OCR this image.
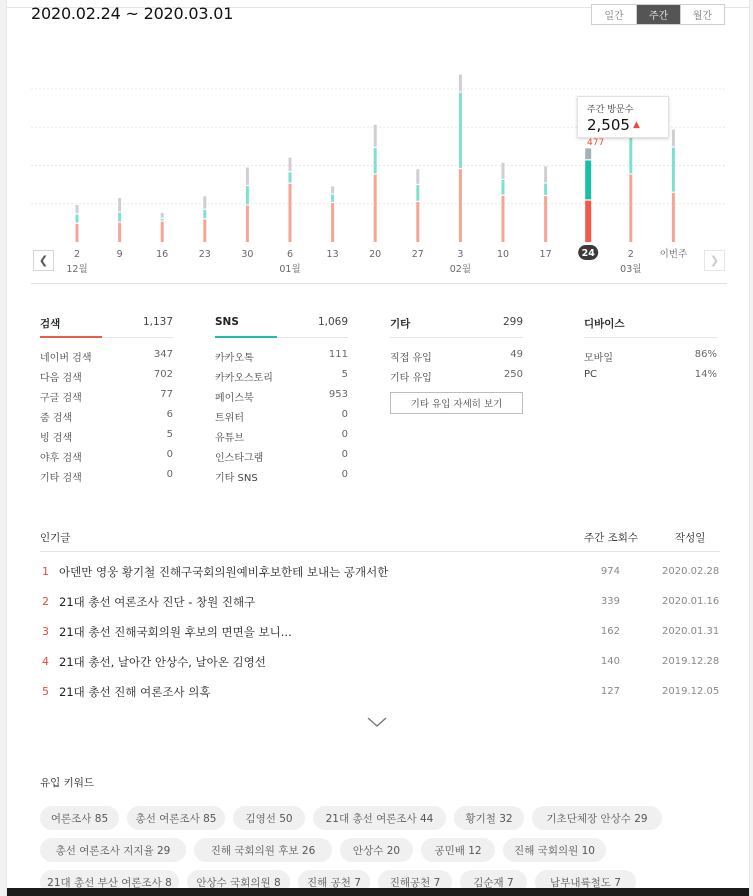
2020.02.24 ~ 2020.03.01	일간	주간	월간
2	9	16	23	30	6	13	20	27	3	10	17	24	2	이번주
12월	01월	02월	03월
❮	❯
주간 방문수
2,505 $^{▲ 477}$
검색	1,137
네이버 검색	347
다음 검색	702
구글 검색	77
줌 검색	6
빙 검색	5
야후 검색	0
기타 검색	0
SNS	1,069
카카오톡	111
카카오스토리	5
페이스북	953
트위터	0
유튜브	0
인스타그램	0
기타 SNS	0
기타	299
직접 유입	49
기타 유입	250
기타 유입 자세히 보기
디바이스
모바일	86%
PC	14%
인기글	주간 조회수	작성일
1 아덴만 영웅 황기철 진해구국회의원예비후보한테 보내는 공개서한	974	2020.02.28
2 21대 총선 여론조사 진단 - 창원 진해구	339	2020.01.16
3 21대 총선 진해국회의원 후보의 면면을 보니...	162	2020.01.31
4 21대 총선, 날아간 안상수, 날아온 김영선	140	2019.12.28
5 21대 총선 진해 여론조사 의혹	127	2019.12.05
유입 키워드
여론조사 85	총선 여론조사 85	김영선 50	21대 총선 여론조사 44	황기철 32	기초단체장 안상수 29
총선 여론조사 지지율 29	진해 국회의원 후보 26	안상수 20	공민배 12	진해 국회의원 10
21대 총선 부산 여론조사 8	안상수 국회의원 8	진해 공천 7	진해공천 7	김순재 7	남부내륙철도 7
